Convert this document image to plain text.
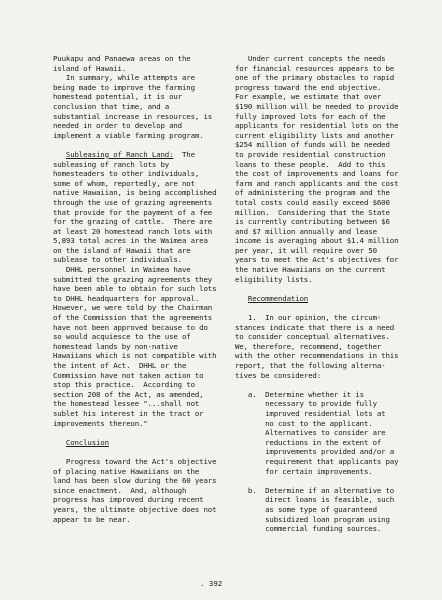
Puukapu and Panaewa areas on the
island of Hawaii.
In summary, while attempts are
being made to improve the farming
homestead potential, it is our
conclusion that time, and a
substantial increase in resources, is
needed in order to develop and
implement a viable farming program.
Subleasing of Ranch Land:  The
subleasing of ranch lots by
homesteaders to other individuals,
some of whom, reportedly, are not
native Hawaiian, is being accomplished
through the use of grazing agreements
that provide for the payment of a fee
for the grazing of cattle.  There are
at least 20 homestead ranch lots with
5,893 total acres in the Waimea area
on the island of Hawaii that are
sublease to other individuals.
DHHL personnel in Waimea have
submitted the grazing agreements they
have been able to obtain for such lots
to DHHL headquarters for approval.
However, we were told by the Chairman
of the Commission that the agreements
have not been approved because to do
so would acquiesce to the use of
homestead lands by non-native
Hawaiians which is not compatible with
the intent of Act.  DHHL or the
Commission have not taken action to
stop this practice.  According to
section 208 of the Act, as amended,
the homestead lessee "...shall not
sublet his interest in the tract or
improvements thereon."
Conclusion
Progress toward the Act's objective
of placing native Hawaiians on the
land has been slow during the 60 years
since enactment.  And, although
progress has improved during recent
years, the ultimate objective does not
appear to be near.
Under current concepts the needs
for financial resources appears to be
one of the primary obstacles to rapid
progress toward the end objective.
For example, we estimate that over
$190 million will be needed to provide
fully improved lots for each of the
applicants for residential lots on the
current eligibility lists and another
$254 million of funds will be needed
to provide residential construction
loans to these people.  Add to this
the cost of improvements and loans for
farm and ranch applicants and the cost
of administering the program and the
total costs could easily exceed $600
million.  Considering that the State
is currently contributing between $6
and $7 million annually and lease
income is averaging about $1.4 million
per year, it will require over 50
years to meet the Act's objectives for
the native Hawaiians on the current
eligibility lists.
Recommendation
1.  In our opinion, the circum-
stances indicate that there is a need
to consider conceptual alternatives.
We, therefore, recommend, together
with the other recommendations in this
report, that the following alterna-
tives be considered:
a.  Determine whether it is
necessary to provide fully
improved residential lots at
no cost to the applicant.
Alternatives to consider are
reductions in the extent of
improvements provided and/or a
requirement that applicants pay
for certain improvements.
b.  Determine if an alternative to
direct loans is feasible, such
as some type of guaranteed
subsidized loan program using
commercial funding sources.
. 392
